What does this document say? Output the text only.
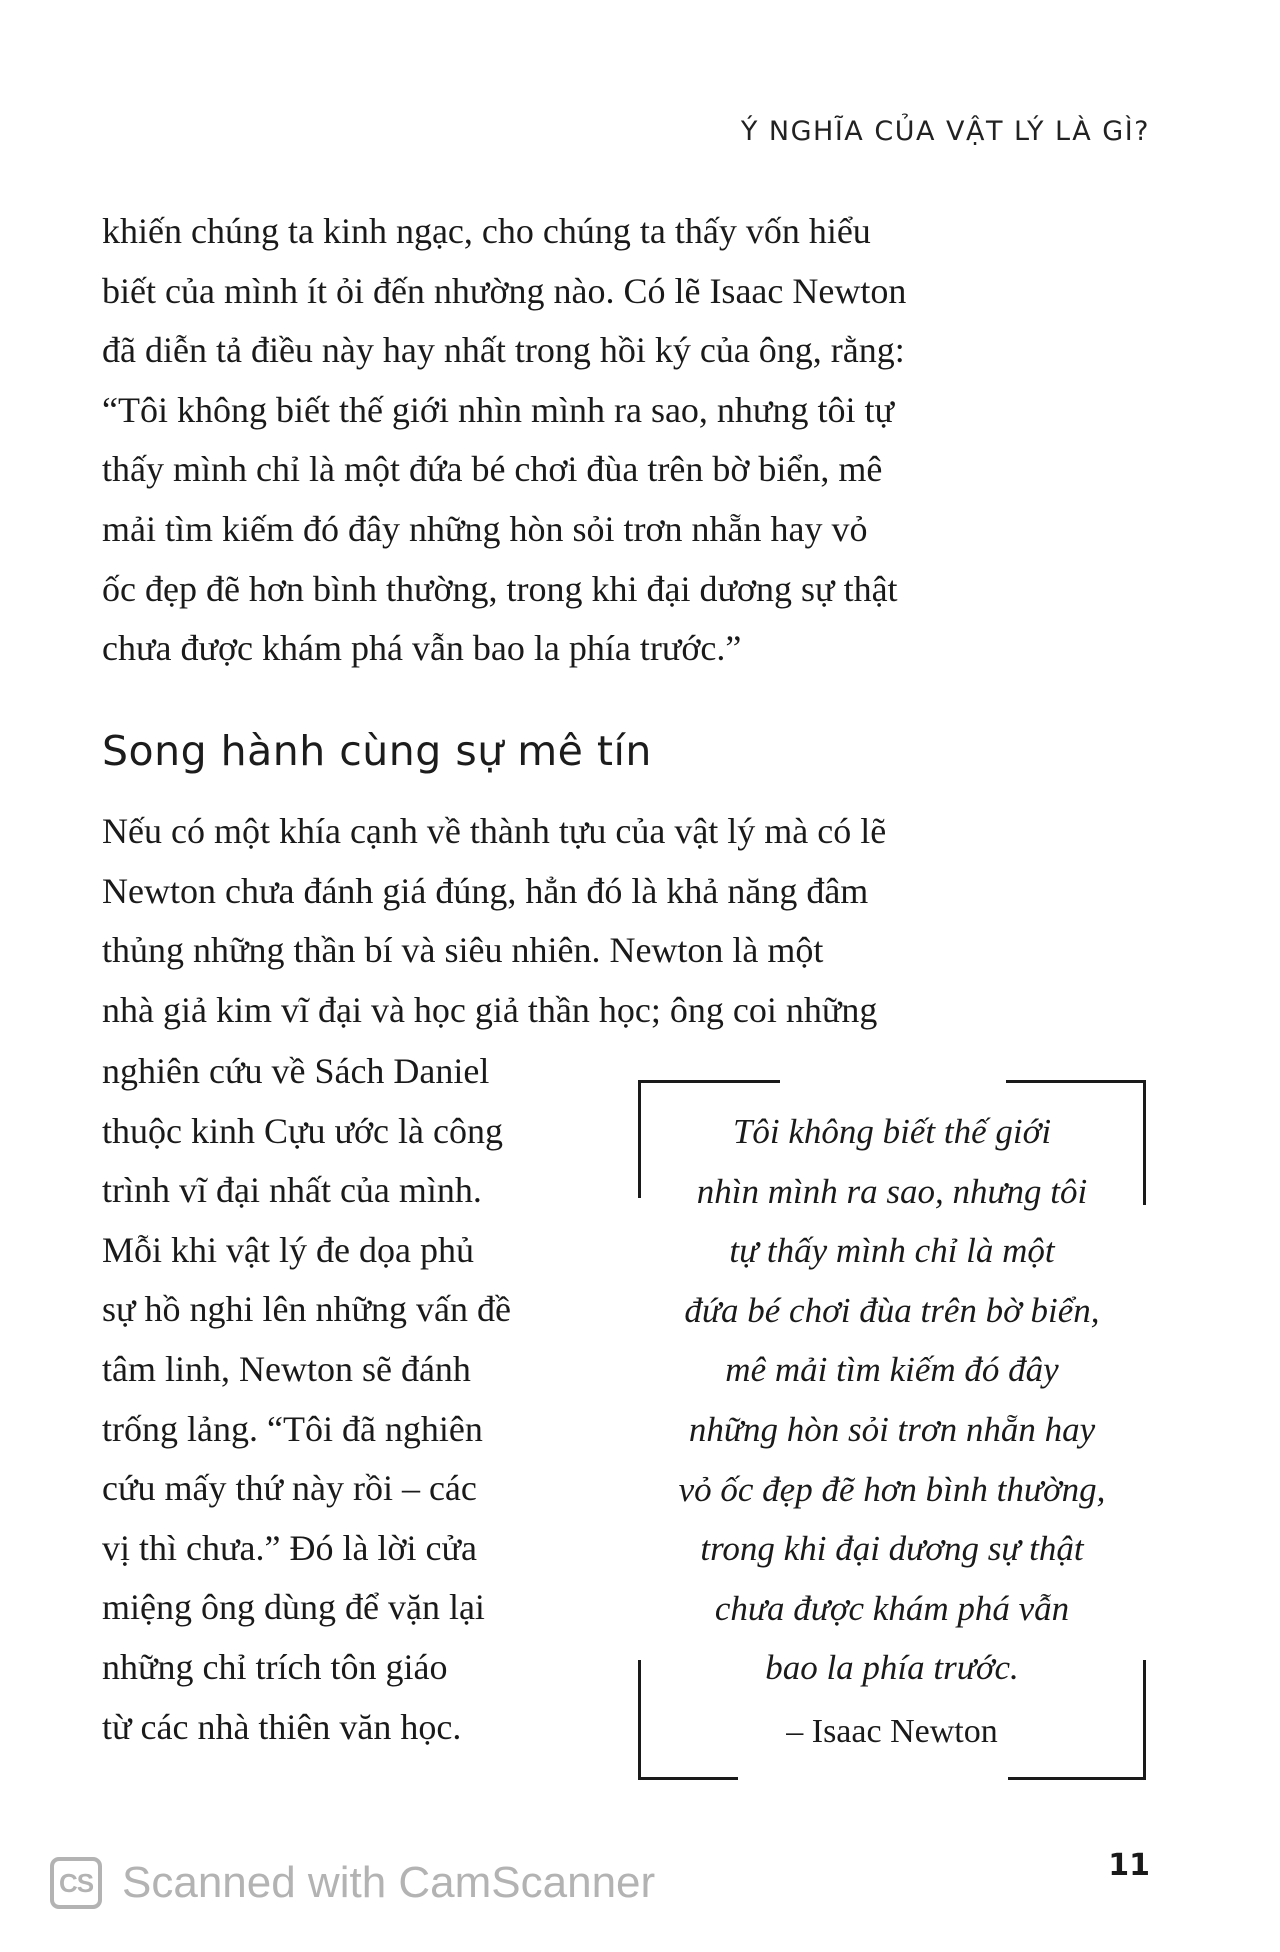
Ý NGHĨA CỦA VẬT LÝ LÀ GÌ?

khiến chúng ta kinh ngạc, cho chúng ta thấy vốn hiểu
biết của mình ít ỏi đến nhường nào. Có lẽ Isaac Newton
đã diễn tả điều này hay nhất trong hồi ký của ông, rằng:
“Tôi không biết thế giới nhìn mình ra sao, nhưng tôi tự
thấy mình chỉ là một đứa bé chơi đùa trên bờ biển, mê
mải tìm kiếm đó đây những hòn sỏi trơn nhẵn hay vỏ
ốc đẹp đẽ hơn bình thường, trong khi đại dương sự thật
chưa được khám phá vẫn bao la phía trước.”

Song hành cùng sự mê tín

Nếu có một khía cạnh về thành tựu của vật lý mà có lẽ
Newton chưa đánh giá đúng, hẳn đó là khả năng đâm
thủng những thần bí và siêu nhiên. Newton là một
nhà giả kim vĩ đại và học giả thần học; ông coi những

nghiên cứu về Sách Daniel
thuộc kinh Cựu ước là công
trình vĩ đại nhất của mình.
Mỗi khi vật lý đe dọa phủ
sự hồ nghi lên những vấn đề
tâm linh, Newton sẽ đánh
trống lảng. “Tôi đã nghiên
cứu mấy thứ này rồi – các
vị thì chưa.” Đó là lời cửa
miệng ông dùng để vặn lại
những chỉ trích tôn giáo
từ các nhà thiên văn học.

Tôi không biết thế giới
nhìn mình ra sao, nhưng tôi
tự thấy mình chỉ là một
đứa bé chơi đùa trên bờ biển,
mê mải tìm kiếm đó đây
những hòn sỏi trơn nhẵn hay
vỏ ốc đẹp đẽ hơn bình thường,
trong khi đại dương sự thật
chưa được khám phá vẫn
bao la phía trước.

– Isaac Newton
CS Scanned with CamScanner	11
